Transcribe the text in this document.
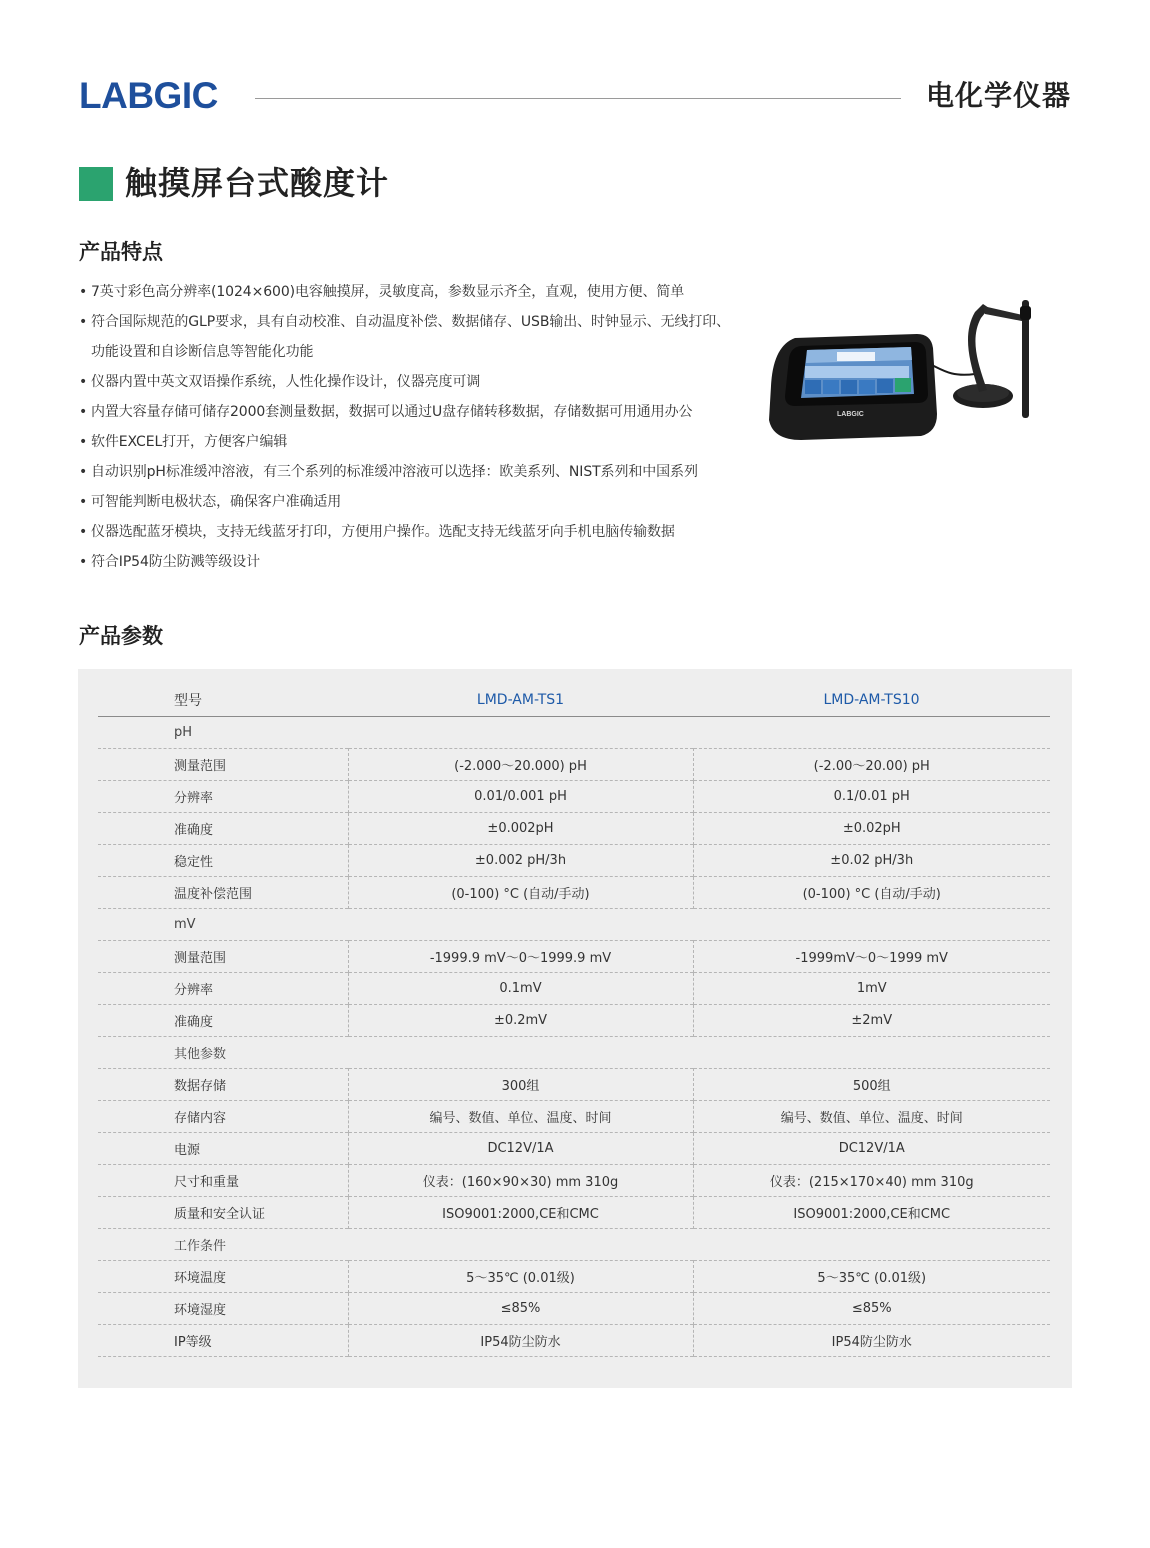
LABGIC	电化学仪器
触摸屏台式酸度计
产品特点
• 7英寸彩色高分辨率(1024×600)电容触摸屏，灵敏度高，参数显示齐全，直观，使用方便、简单
• 符合国际规范的GLP要求，具有自动校准、自动温度补偿、数据储存、USB输出、时钟显示、无线打印、
功能设置和自诊断信息等智能化功能
• 仪器内置中英文双语操作系统，人性化操作设计，仪器亮度可调
• 内置大容量存储可储存2000套测量数据，数据可以通过U盘存储转移数据，存储数据可用通用办公
• 软件EXCEL打开，方便客户编辑
• 自动识别pH标准缓冲溶液，有三个系列的标准缓冲溶液可以选择：欧美系列、NIST系列和中国系列
• 可智能判断电极状态，确保客户准确适用
• 仪器选配蓝牙模块，支持无线蓝牙打印，方便用户操作。选配支持无线蓝牙向手机电脑传输数据
• 符合IP54防尘防溅等级设计
LABGIC
产品参数
型号	LMD-AM-TS1	LMD-AM-TS10
pH		
测量范围	(-2.000～20.000) pH	(-2.00～20.00) pH
分辨率	0.01/0.001 pH	0.1/0.01 pH
准确度	±0.002pH	±0.02pH
稳定性	±0.002 pH/3h	±0.02 pH/3h
温度补偿范围	(0-100) °C (自动/手动)	(0-100) °C (自动/手动)
mV		
测量范围	-1999.9 mV～0～1999.9 mV	-1999mV～0～1999 mV
分辨率	0.1mV	1mV
准确度	±0.2mV	±2mV
其他参数		
数据存储	300组	500组
存储内容	编号、数值、单位、温度、时间	编号、数值、单位、温度、时间
电源	DC12V/1A	DC12V/1A
尺寸和重量	仪表：(160×90×30) mm 310g	仪表：(215×170×40) mm 310g
质量和安全认证	ISO9001:2000,CE和CMC	ISO9001:2000,CE和CMC
工作条件		
环境温度	5～35℃ (0.01级)	5～35℃ (0.01级)
环境湿度	≤85%	≤85%
IP等级	IP54防尘防水	IP54防尘防水
